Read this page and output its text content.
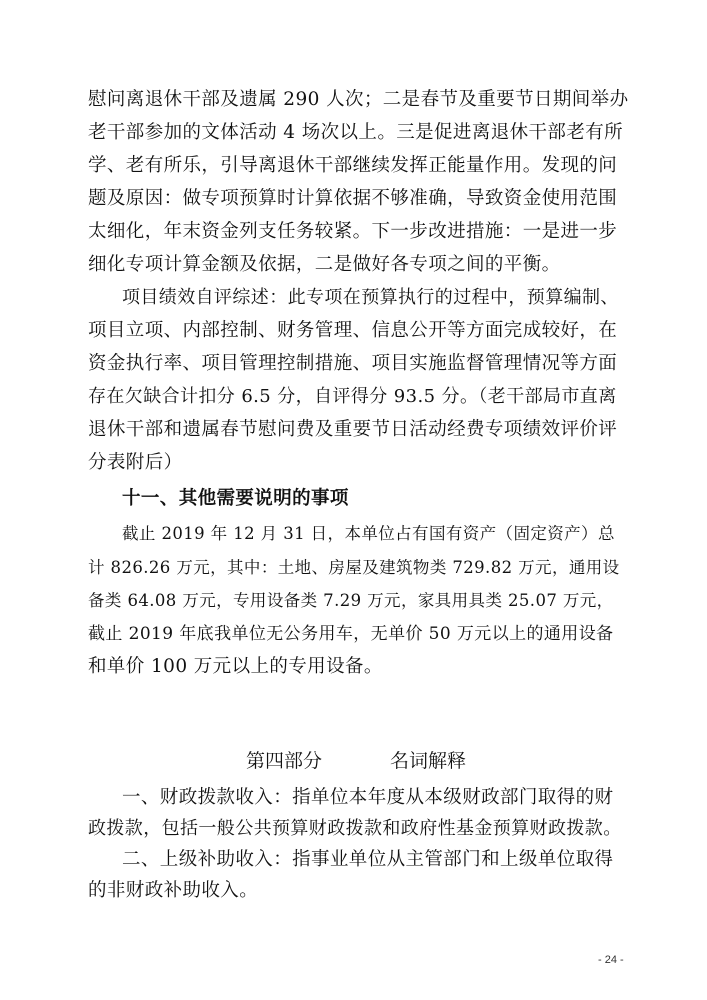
慰问离退休干部及遗属 290 人次；二是春节及重要节日期间举办
老干部参加的文体活动 4 场次以上。三是促进离退休干部老有所
学、老有所乐，引导离退休干部继续发挥正能量作用。发现的问
题及原因：做专项预算时计算依据不够准确，导致资金使用范围
太细化，年末资金列支任务较紧。下一步改进措施：一是进一步
细化专项计算金额及依据，二是做好各专项之间的平衡。
项目绩效自评综述：此专项在预算执行的过程中，预算编制、
项目立项、内部控制、财务管理、信息公开等方面完成较好，在
资金执行率、项目管理控制措施、项目实施监督管理情况等方面
存在欠缺合计扣分 6.5 分，自评得分 93.5 分。（老干部局市直离
退休干部和遗属春节慰问费及重要节日活动经费专项绩效评价评
分表附后）
十一、其他需要说明的事项
截止 2019 年 12 月 31 日，本单位占有国有资产（固定资产）总
计 826.26 万元，其中：土地、房屋及建筑物类 729.82 万元，通用设
备类 64.08 万元，专用设备类 7.29 万元，家具用具类 25.07 万元，
截止 2019 年底我单位无公务用车，无单价 50 万元以上的通用设备
和单价 100 万元以上的专用设备。
第四部分	名词解释
一、财政拨款收入：指单位本年度从本级财政部门取得的财
政拨款，包括一般公共预算财政拨款和政府性基金预算财政拨款。
二、上级补助收入：指事业单位从主管部门和上级单位取得
的非财政补助收入。
- 24 -
